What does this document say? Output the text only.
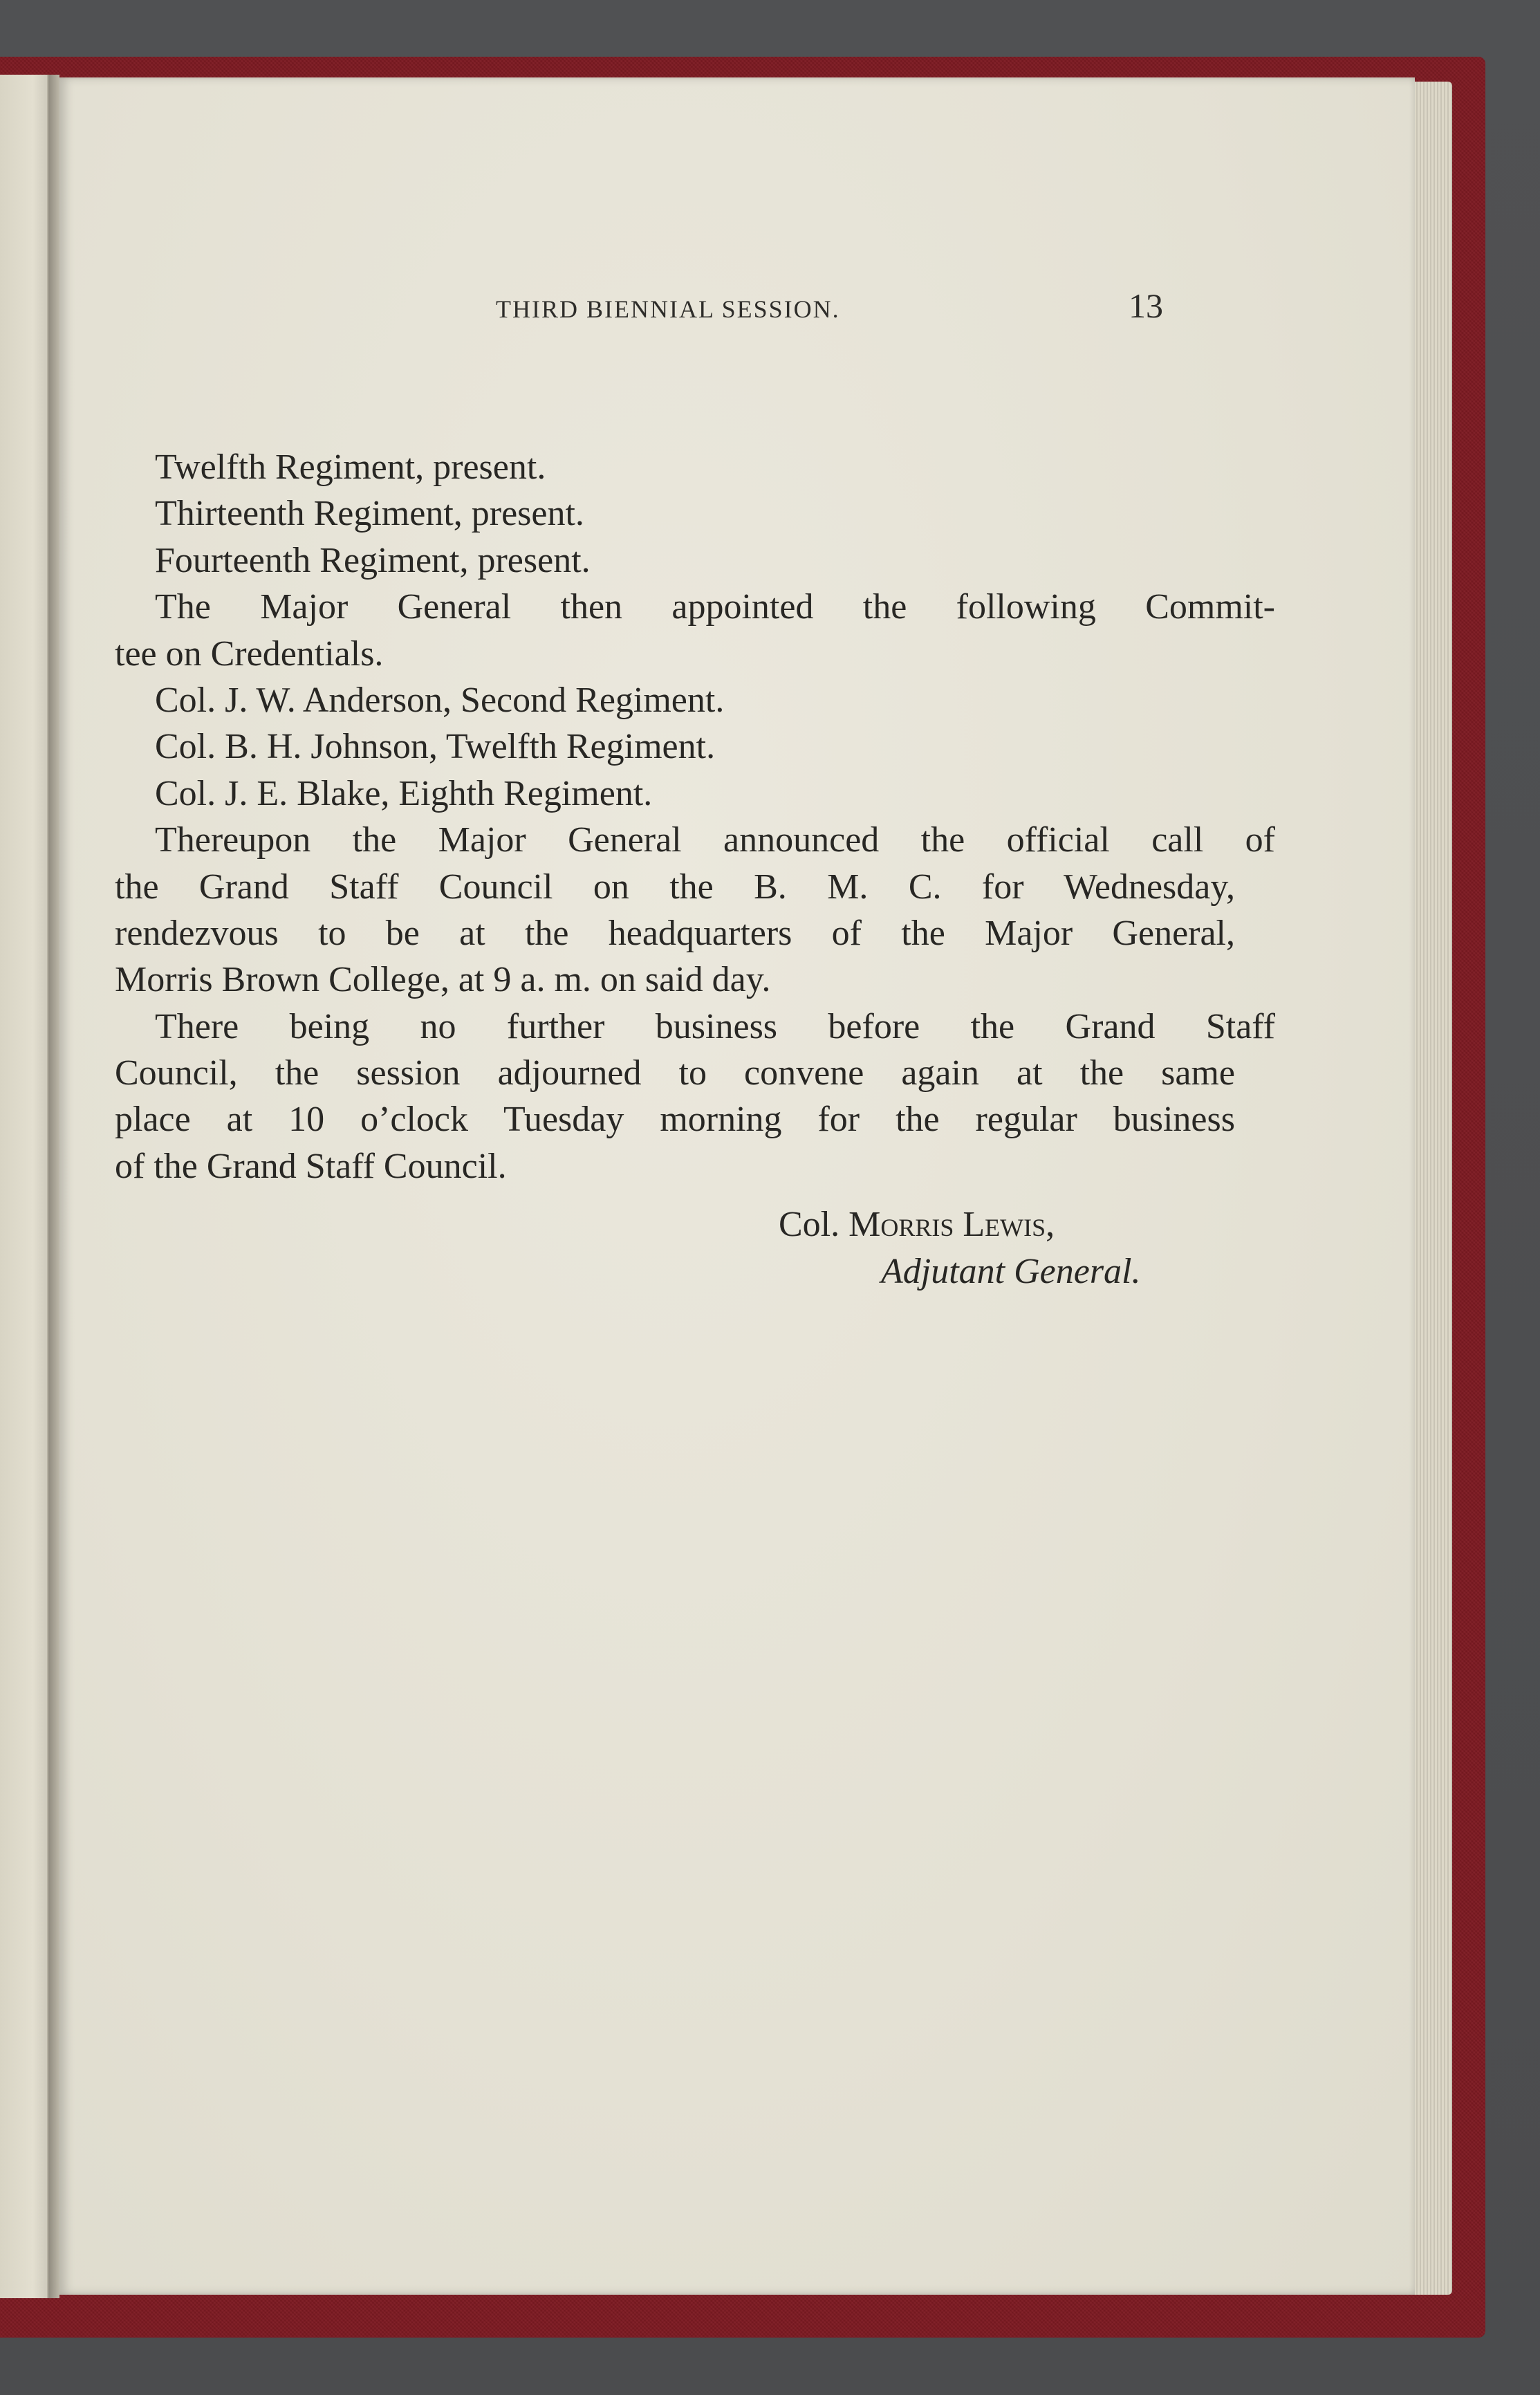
THIRD BIENNIAL SESSION.	13
Twelfth Regiment, present.
Thirteenth Regiment, present.
Fourteenth Regiment, present.
The Major General then appointed the following Commit-
tee on Credentials.
Col. J. W. Anderson, Second Regiment.
Col. B. H. Johnson, Twelfth Regiment.
Col. J. E. Blake, Eighth Regiment.
Thereupon the Major General announced the official call of
the Grand Staff Council on the B. M. C. for Wednesday,
rendezvous to be at the headquarters of the Major General,
Morris Brown College, at 9 a. m. on said day.
There being no further business before the Grand Staff
Council, the session adjourned to convene again at the same
place at 10 o’clock Tuesday morning for the regular business
of the Grand Staff Council.
Col. Morris Lewis,
Adjutant General.
